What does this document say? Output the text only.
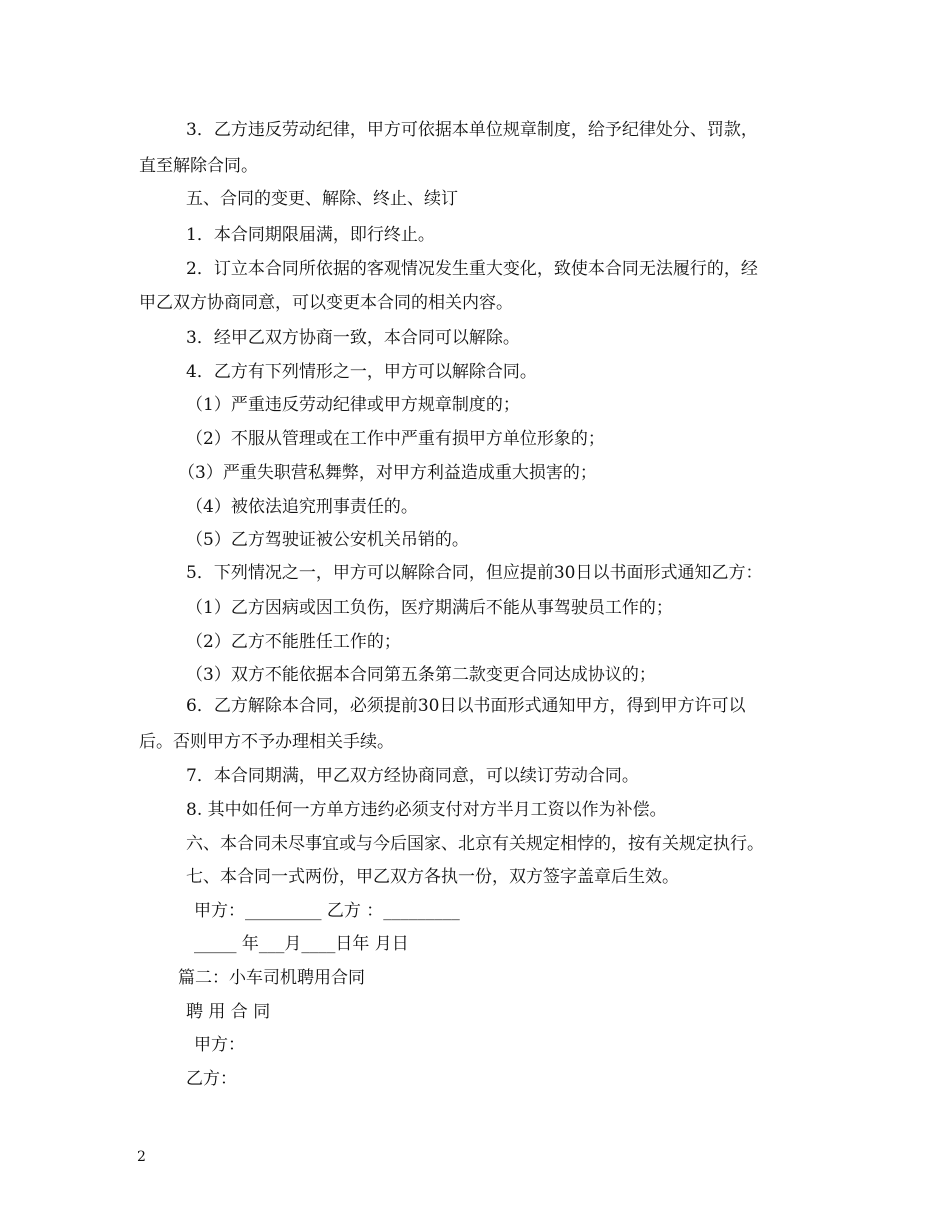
3．乙方违反劳动纪律，甲方可依据本单位规章制度，给予纪律处分、罚款，
直至解除合同。
五、合同的变更、解除、终止、续订
1．本合同期限届满，即行终止。
2．订立本合同所依据的客观情况发生重大变化，致使本合同无法履行的，经
甲乙双方协商同意，可以变更本合同的相关内容。
3．经甲乙双方协商一致，本合同可以解除。
4．乙方有下列情形之一，甲方可以解除合同。
（1）严重违反劳动纪律或甲方规章制度的；
（2）不服从管理或在工作中严重有损甲方单位形象的；
（3）严重失职营私舞弊，对甲方利益造成重大损害的；
（4）被依法追究刑事责任的。
（5）乙方驾驶证被公安机关吊销的。
5．下列情况之一，甲方可以解除合同，但应提前30日以书面形式通知乙方：
（1）乙方因病或因工负伤，医疗期满后不能从事驾驶员工作的；
（2）乙方不能胜任工作的；
（3）双方不能依据本合同第五条第二款变更合同达成协议的；
6．乙方解除本合同，必须提前30日以书面形式通知甲方，得到甲方许可以
后。否则甲方不予办理相关手续。
7．本合同期满，甲乙双方经协商同意，可以续订劳动合同。
8. 其中如任何一方单方违约必须支付对方半月工资以作为补偿。
六、本合同未尽事宜或与今后国家、北京有关规定相悖的，按有关规定执行。
七、本合同一式两份，甲乙双方各执一份，双方签字盖章后生效。
甲方：_________ 乙方 ：_________
_____ 年___月____日年 月日
篇二：小车司机聘用合同
聘 用 合 同
甲方：
乙方：
2
